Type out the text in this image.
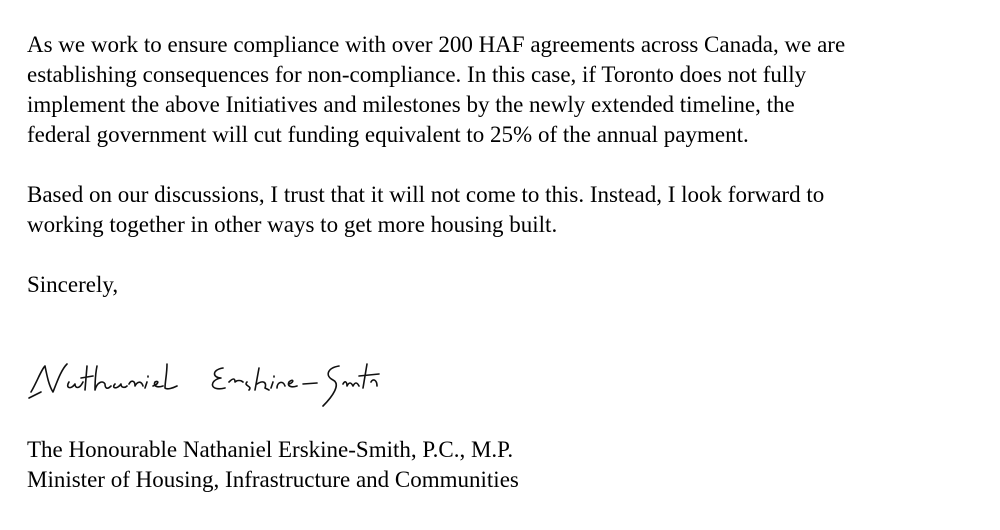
As we work to ensure compliance with over 200 HAF agreements across Canada, we are
establishing consequences for non-compliance. In this case, if Toronto does not fully
implement the above Initiatives and milestones by the newly extended timeline, the
federal government will cut funding equivalent to 25% of the annual payment.

Based on our discussions, I trust that it will not come to this. Instead, I look forward to
working together in other ways to get more housing built.

Sincerely,

The Honourable Nathaniel Erskine-Smith, P.C., M.P.
Minister of Housing, Infrastructure and Communities
